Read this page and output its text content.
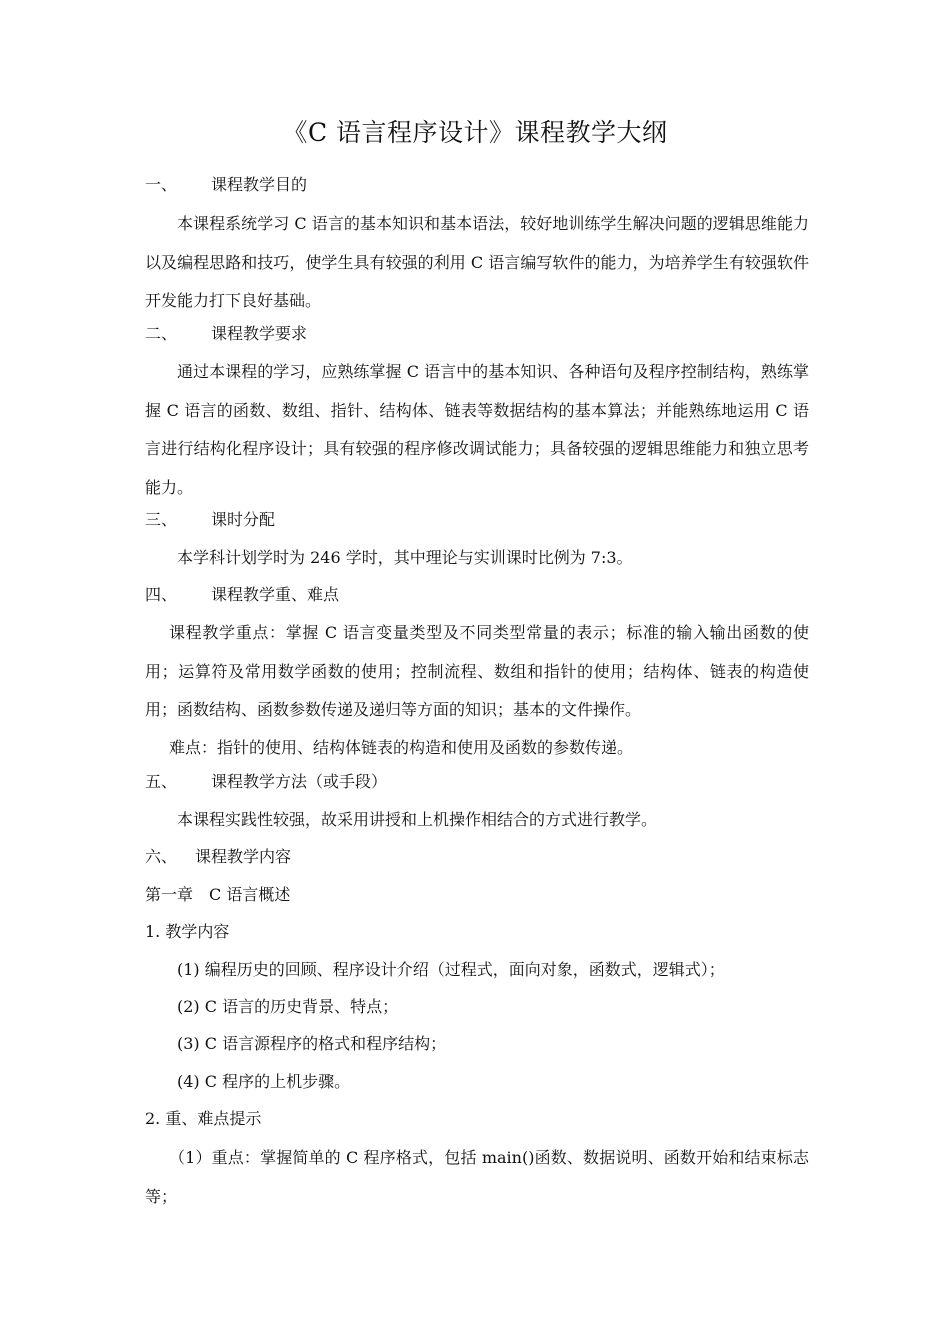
《C 语言程序设计》课程教学大纲
一、 课程教学目的
本课程系统学习 C 语言的基本知识和基本语法，较好地训练学生解决问题的逻辑思维能力以及编程思路和技巧，使学生具有较强的利用 C 语言编写软件的能力，为培养学生有较强软件开发能力打下良好基础。
二、 课程教学要求
通过本课程的学习，应熟练掌握 C 语言中的基本知识、各种语句及程序控制结构，熟练掌握 C 语言的函数、数组、指针、结构体、链表等数据结构的基本算法；并能熟练地运用 C 语言进行结构化程序设计；具有较强的程序修改调试能力；具备较强的逻辑思维能力和独立思考能力。
三、 课时分配
本学科计划学时为 246 学时，其中理论与实训课时比例为 7:3。
四、 课程教学重、难点
课程教学重点：掌握 C 语言变量类型及不同类型常量的表示；标准的输入输出函数的使用；运算符及常用数学函数的使用；控制流程、数组和指针的使用；结构体、链表的构造使用；函数结构、函数参数传递及递归等方面的知识；基本的文件操作。
难点：指针的使用、结构体链表的构造和使用及函数的参数传递。
五、 课程教学方法（或手段）
本课程实践性较强，故采用讲授和上机操作相结合的方式进行教学。
六、 课程教学内容
第一章　C 语言概述
1. 教学内容
(1) 编程历史的回顾、程序设计介绍（过程式，面向对象，函数式，逻辑式）；
(2) C 语言的历史背景、特点；
(3) C 语言源程序的格式和程序结构；
(4) C 程序的上机步骤。
2. 重、难点提示
（1）重点：掌握简单的 C 程序格式，包括 main()函数、数据说明、函数开始和结束标志等；
